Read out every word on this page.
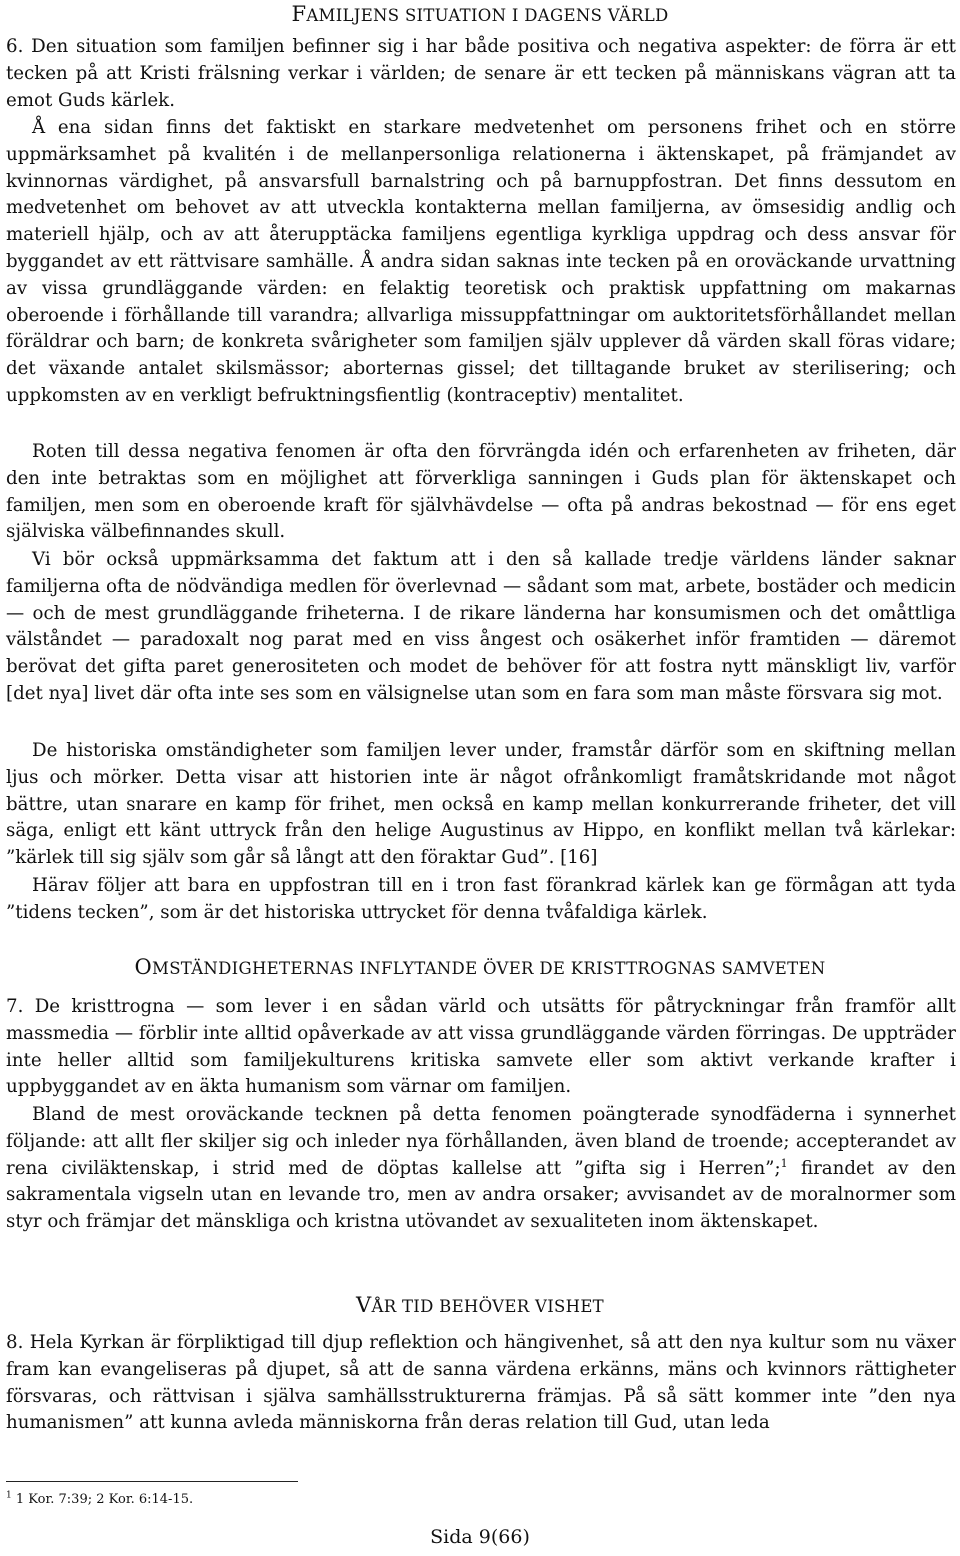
FAMILJENS SITUATION I DAGENS VÄRLD

6. Den situation som familjen befinner sig i har både positiva och negativa aspekter: de förra är ett tecken på att Kristi frälsning verkar i världen; de senare är ett tecken på människans vägran att ta emot Guds kärlek.

Å ena sidan finns det faktiskt en starkare medvetenhet om personens frihet och en större uppmärksamhet på kvalitén i de mellanpersonliga relationerna i äktenskapet, på främjandet av kvinnornas värdighet, på ansvarsfull barnalstring och på barnuppfostran. Det finns dessutom en medvetenhet om behovet av att utveckla kontakterna mellan familjerna, av ömsesidig andlig och materiell hjälp, och av att återupptäcka familjens egentliga kyrkliga uppdrag och dess ansvar för byggandet av ett rättvisare samhälle. Å andra sidan saknas inte tecken på en oroväckande urvattning av vissa grundläggande värden: en felaktig teoretisk och praktisk uppfattning om makarnas oberoende i förhållande till varandra; allvarliga missuppfattningar om auktoritetsförhållandet mellan föräldrar och barn; de konkreta svårigheter som familjen själv upplever då värden skall föras vidare; det växande antalet skilsmässor; aborternas gissel; det tilltagande bruket av sterilisering; och uppkomsten av en verkligt befruktningsfientlig (kontraceptiv) mentalitet.

Roten till dessa negativa fenomen är ofta den förvrängda idén och erfarenheten av friheten, där den inte betraktas som en möjlighet att förverkliga sanningen i Guds plan för äktenskapet och familjen, men som en oberoende kraft för självhävdelse — ofta på andras bekostnad — för ens eget själviska välbefinnandes skull.

Vi bör också uppmärksamma det faktum att i den så kallade tredje världens länder saknar familjerna ofta de nödvändiga medlen för överlevnad — sådant som mat, arbete, bostäder och medicin — och de mest grundläggande friheterna. I de rikare länderna har konsumismen och det omåttliga välståndet — paradoxalt nog parat med en viss ångest och osäkerhet inför framtiden — däremot berövat det gifta paret generositeten och modet de behöver för att fostra nytt mänskligt liv, varför [det nya] livet där ofta inte ses som en välsignelse utan som en fara som man måste försvara sig mot.

De historiska omständigheter som familjen lever under, framstår därför som en skiftning mellan ljus och mörker. Detta visar att historien inte är något ofrånkomligt framåtskridande mot något bättre, utan snarare en kamp för frihet, men också en kamp mellan konkurrerande friheter, det vill säga, enligt ett känt uttryck från den helige Augustinus av Hippo, en konflikt mellan två kärlekar: ”kärlek till sig själv som går så långt att den föraktar Gud”. [16]

Härav följer att bara en uppfostran till en i tron fast förankrad kärlek kan ge förmågan att tyda ”tidens tecken”, som är det historiska uttrycket för denna tvåfaldiga kärlek.

OMSTÄNDIGHETERNAS INFLYTANDE ÖVER DE KRISTTROGNAS SAMVETEN

7. De kristtrogna — som lever i en sådan värld och utsätts för påtryckningar från framför allt massmedia — förblir inte alltid opåverkade av att vissa grundläggande värden förringas. De uppträder inte heller alltid som familjekulturens kritiska samvete eller som aktivt verkande krafter i uppbyggandet av en äkta humanism som värnar om familjen.

Bland de mest oroväckande tecknen på detta fenomen poängterade synodfäderna i synnerhet följande: att allt fler skiljer sig och inleder nya förhållanden, även bland de troende; accepterandet av rena civiläktenskap, i strid med de döptas kallelse att ”gifta sig i Herren”;$^1$ firandet av den sakramentala vigseln utan en levande tro, men av andra orsaker; avvisandet av de moralnormer som styr och främjar det mänskliga och kristna utövandet av sexualiteten inom äktenskapet.

VÅR TID BEHÖVER VISHET

8. Hela Kyrkan är förpliktigad till djup reflektion och hängivenhet, så att den nya kultur som nu växer fram kan evangeliseras på djupet, så att de sanna värdena erkänns, mäns och kvinnors rättigheter försvaras, och rättvisan i själva samhällsstrukturerna främjas. På så sätt kommer inte ”den nya humanismen” att kunna avleda människorna från deras relation till Gud, utan leda

$^1$ 1 Kor. 7:39; 2 Kor. 6:14-15.
Sida 9(66)
